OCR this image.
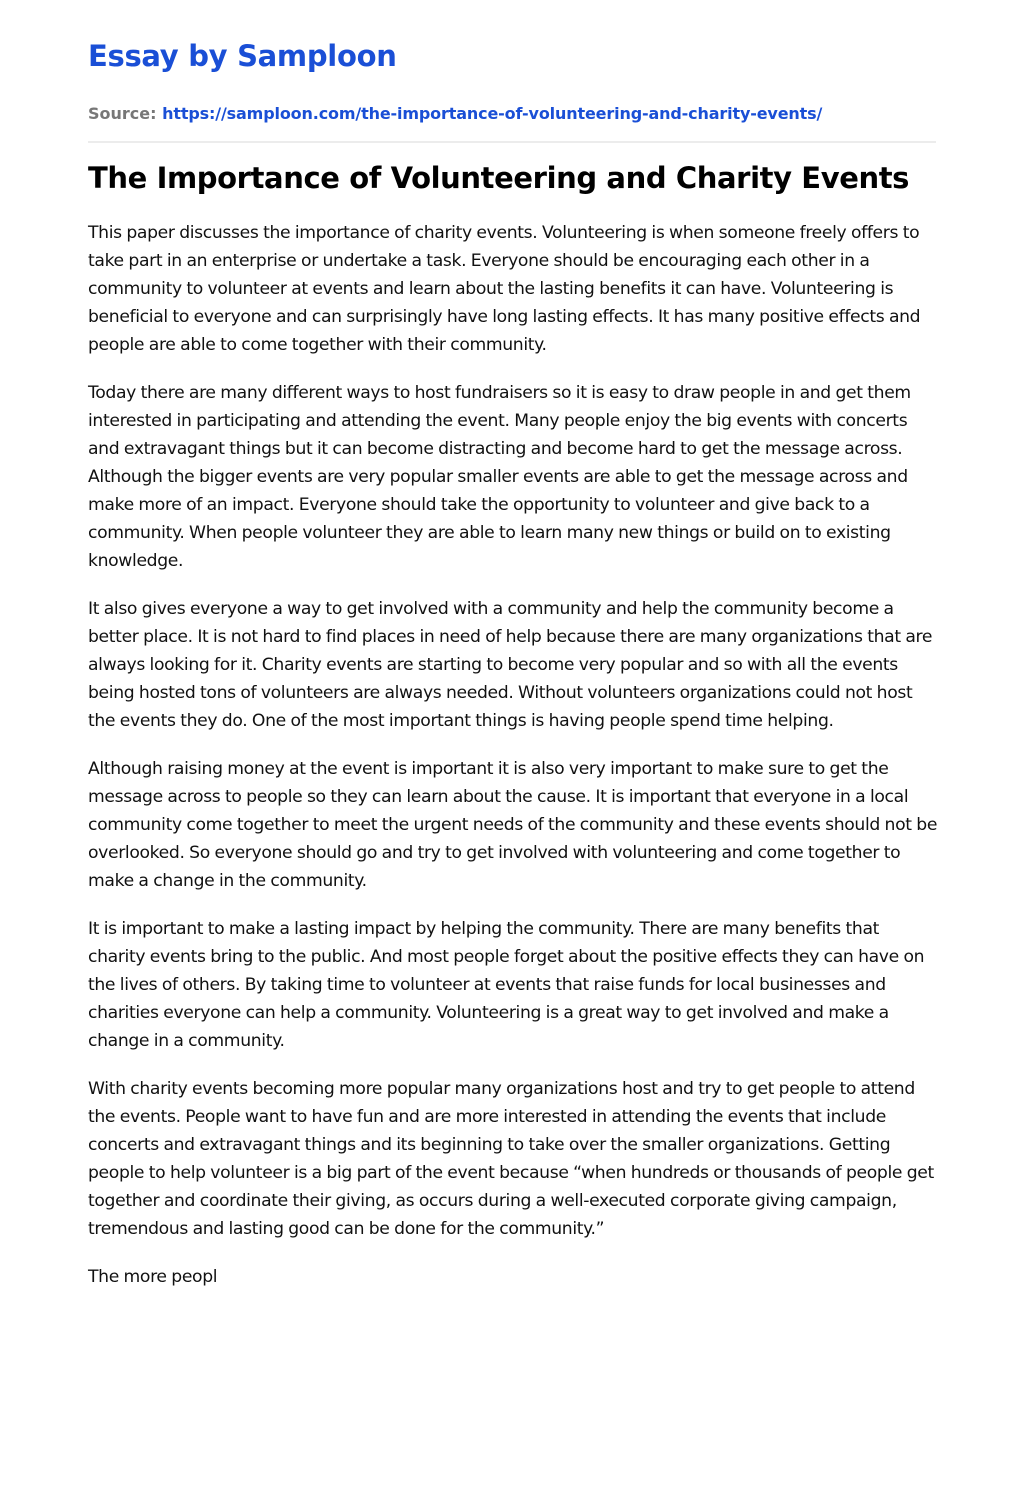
Essay by Samploon
Source: https://samploon.com/the-importance-of-volunteering-and-charity-events/
The Importance of Volunteering and Charity Events

This paper discusses the importance of charity events. Volunteering is when someone freely offers to take part in an enterprise or undertake a task. Everyone should be encouraging each other in a community to volunteer at events and learn about the lasting benefits it can have. Volunteering is beneficial to everyone and can surprisingly have long lasting effects. It has many positive effects and people are able to come together with their community.

Today there are many different ways to host fundraisers so it is easy to draw people in and get them interested in participating and attending the event. Many people enjoy the big events with concerts and extravagant things but it can become distracting and become hard to get the message across. Although the bigger events are very popular smaller events are able to get the message across and make more of an impact. Everyone should take the opportunity to volunteer and give back to a community. When people volunteer they are able to learn many new things or build on to existing knowledge.

It also gives everyone a way to get involved with a community and help the community become a better place. It is not hard to find places in need of help because there are many organizations that are always looking for it. Charity events are starting to become very popular and so with all the events being hosted tons of volunteers are always needed. Without volunteers organizations could not host the events they do. One of the most important things is having people spend time helping.

Although raising money at the event is important it is also very important to make sure to get the message across to people so they can learn about the cause. It is important that everyone in a local community come together to meet the urgent needs of the community and these events should not be overlooked. So everyone should go and try to get involved with volunteering and come together to make a change in the community.

It is important to make a lasting impact by helping the community. There are many benefits that charity events bring to the public. And most people forget about the positive effects they can have on the lives of others. By taking time to volunteer at events that raise funds for local businesses and charities everyone can help a community. Volunteering is a great way to get involved and make a change in a community.

With charity events becoming more popular many organizations host and try to get people to attend the events. People want to have fun and are more interested in attending the events that include concerts and extravagant things and its beginning to take over the smaller organizations. Getting people to help volunteer is a big part of the event because “when hundreds or thousands of people get together and coordinate their giving, as occurs during a well-executed corporate giving campaign, tremendous and lasting good can be done for the community.”

The more peopl
